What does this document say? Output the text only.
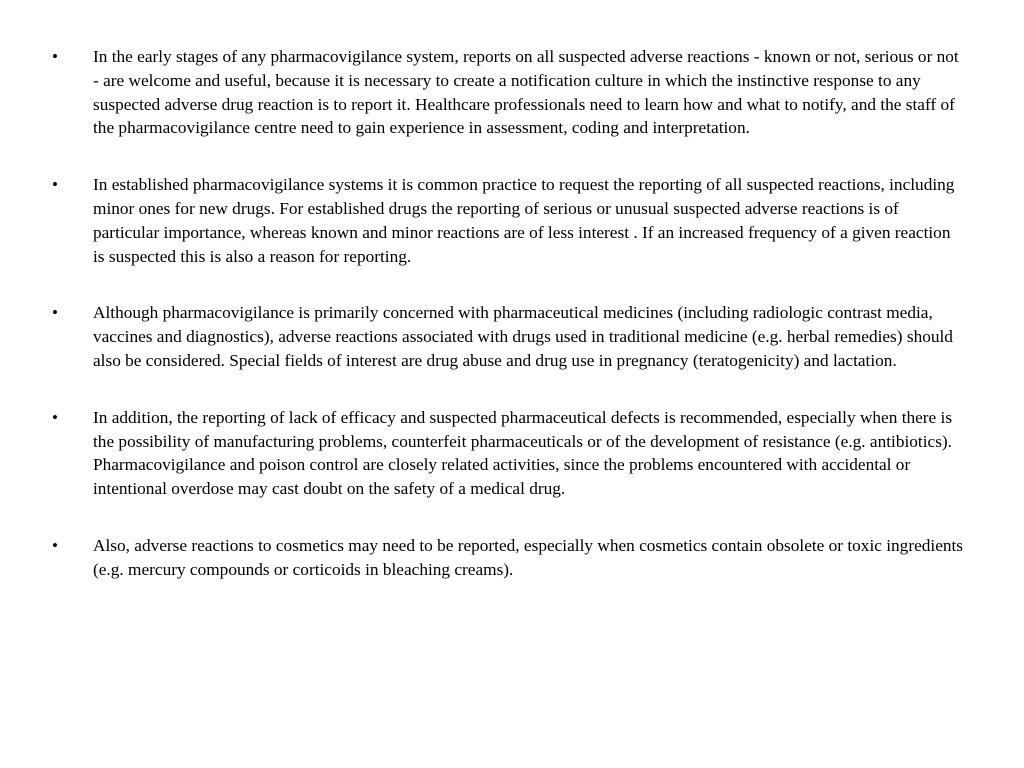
•	In the early stages of any pharmacovigilance system, reports on all suspected adverse reactions - known or not, serious or not - are welcome and useful, because it is necessary to create a notification culture in which the instinctive response to any suspected adverse drug reaction is to report it. Healthcare professionals need to learn how and what to notify, and the staff of the pharmacovigilance centre need to gain experience in assessment, coding and interpretation.
•	In established pharmacovigilance systems it is common practice to request the reporting of all suspected reactions, including minor ones for new drugs. For established drugs the reporting of serious or unusual suspected adverse reactions is of particular importance, whereas known and minor reactions are of less interest . If an increased frequency of a given reaction is suspected this is also a reason for reporting.
•	Although pharmacovigilance is primarily concerned with pharmaceutical medicines (including radiologic contrast media, vaccines and diagnostics), adverse reactions associated with drugs used in traditional medicine (e.g. herbal remedies) should also be considered. Special fields of interest are drug abuse and drug use in pregnancy (teratogenicity) and lactation.
•	In addition, the reporting of lack of efficacy and suspected pharmaceutical defects is recommended, especially when there is the possibility of manufacturing problems, counterfeit pharmaceuticals or of the development of resistance (e.g. antibiotics). Pharmacovigilance and poison control are closely related activities, since the problems encountered with accidental or intentional overdose may cast doubt on the safety of a medical drug.
•	Also, adverse reactions to cosmetics may need to be reported, especially when cosmetics contain obsolete or toxic ingredients (e.g. mercury compounds or corticoids in bleaching creams).
